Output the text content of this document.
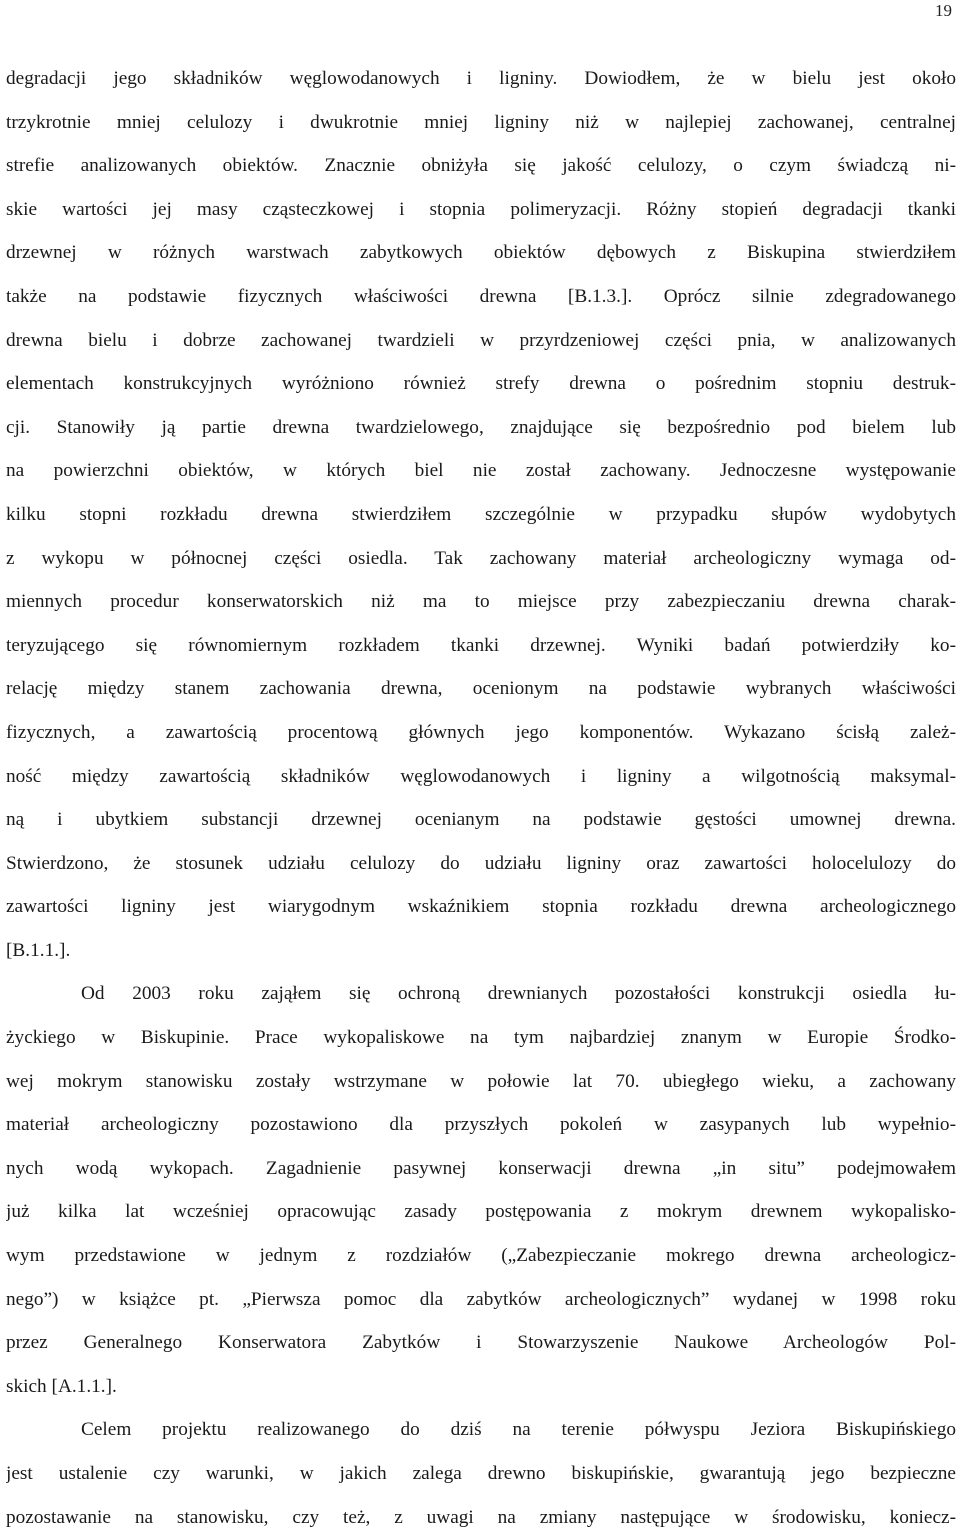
19
degradacji jego składników węglowodanowych i ligniny. Dowiodłem, że w bielu jest około
trzykrotnie mniej celulozy i dwukrotnie mniej ligniny niż w najlepiej zachowanej, centralnej
strefie analizowanych obiektów. Znacznie obniżyła się jakość celulozy, o czym świadczą ni-
skie wartości jej masy cząsteczkowej i stopnia polimeryzacji. Różny stopień degradacji tkanki
drzewnej w różnych warstwach zabytkowych obiektów dębowych z Biskupina stwierdziłem
także na podstawie fizycznych właściwości drewna [B.1.3.]. Oprócz silnie zdegradowanego
drewna bielu i dobrze zachowanej twardzieli w przyrdzeniowej części pnia, w analizowanych
elementach konstrukcyjnych wyróżniono również strefy drewna o pośrednim stopniu destruk-
cji. Stanowiły ją partie drewna twardzielowego, znajdujące się bezpośrednio pod bielem lub
na powierzchni obiektów, w których biel nie został zachowany. Jednoczesne występowanie
kilku stopni rozkładu drewna stwierdziłem szczególnie w przypadku słupów wydobytych
z wykopu w północnej części osiedla. Tak zachowany materiał archeologiczny wymaga od-
miennych procedur konserwatorskich niż ma to miejsce przy zabezpieczaniu drewna charak-
teryzującego się równomiernym rozkładem tkanki drzewnej. Wyniki badań potwierdziły ko-
relację między stanem zachowania drewna, ocenionym na podstawie wybranych właściwości
fizycznych, a zawartością procentową głównych jego komponentów. Wykazano ścisłą zależ-
ność między zawartością składników węglowodanowych i ligniny a wilgotnością maksymal-
ną i ubytkiem substancji drzewnej ocenianym na podstawie gęstości umownej drewna.
Stwierdzono, że stosunek udziału celulozy do udziału ligniny oraz zawartości holocelulozy do
zawartości ligniny jest wiarygodnym wskaźnikiem stopnia rozkładu drewna archeologicznego
[B.1.1.].
Od 2003 roku zająłem się ochroną drewnianych pozostałości konstrukcji osiedla łu-
życkiego w Biskupinie. Prace wykopaliskowe na tym najbardziej znanym w Europie Środko-
wej mokrym stanowisku zostały wstrzymane w połowie lat 70. ubiegłego wieku, a zachowany
materiał archeologiczny pozostawiono dla przyszłych pokoleń w zasypanych lub wypełnio-
nych wodą wykopach. Zagadnienie pasywnej konserwacji drewna „in situ” podejmowałem
już kilka lat wcześniej opracowując zasady postępowania z mokrym drewnem wykopalisko-
wym przedstawione w jednym z rozdziałów („Zabezpieczanie mokrego drewna archeologicz-
nego”) w książce pt. „Pierwsza pomoc dla zabytków archeologicznych” wydanej w 1998 roku
przez Generalnego Konserwatora Zabytków i Stowarzyszenie Naukowe Archeologów Pol-
skich [A.1.1.].
Celem projektu realizowanego do dziś na terenie półwyspu Jeziora Biskupińskiego
jest ustalenie czy warunki, w jakich zalega drewno biskupińskie, gwarantują jego bezpieczne
pozostawanie na stanowisku, czy też, z uwagi na zmiany następujące w środowisku, koniecz-
